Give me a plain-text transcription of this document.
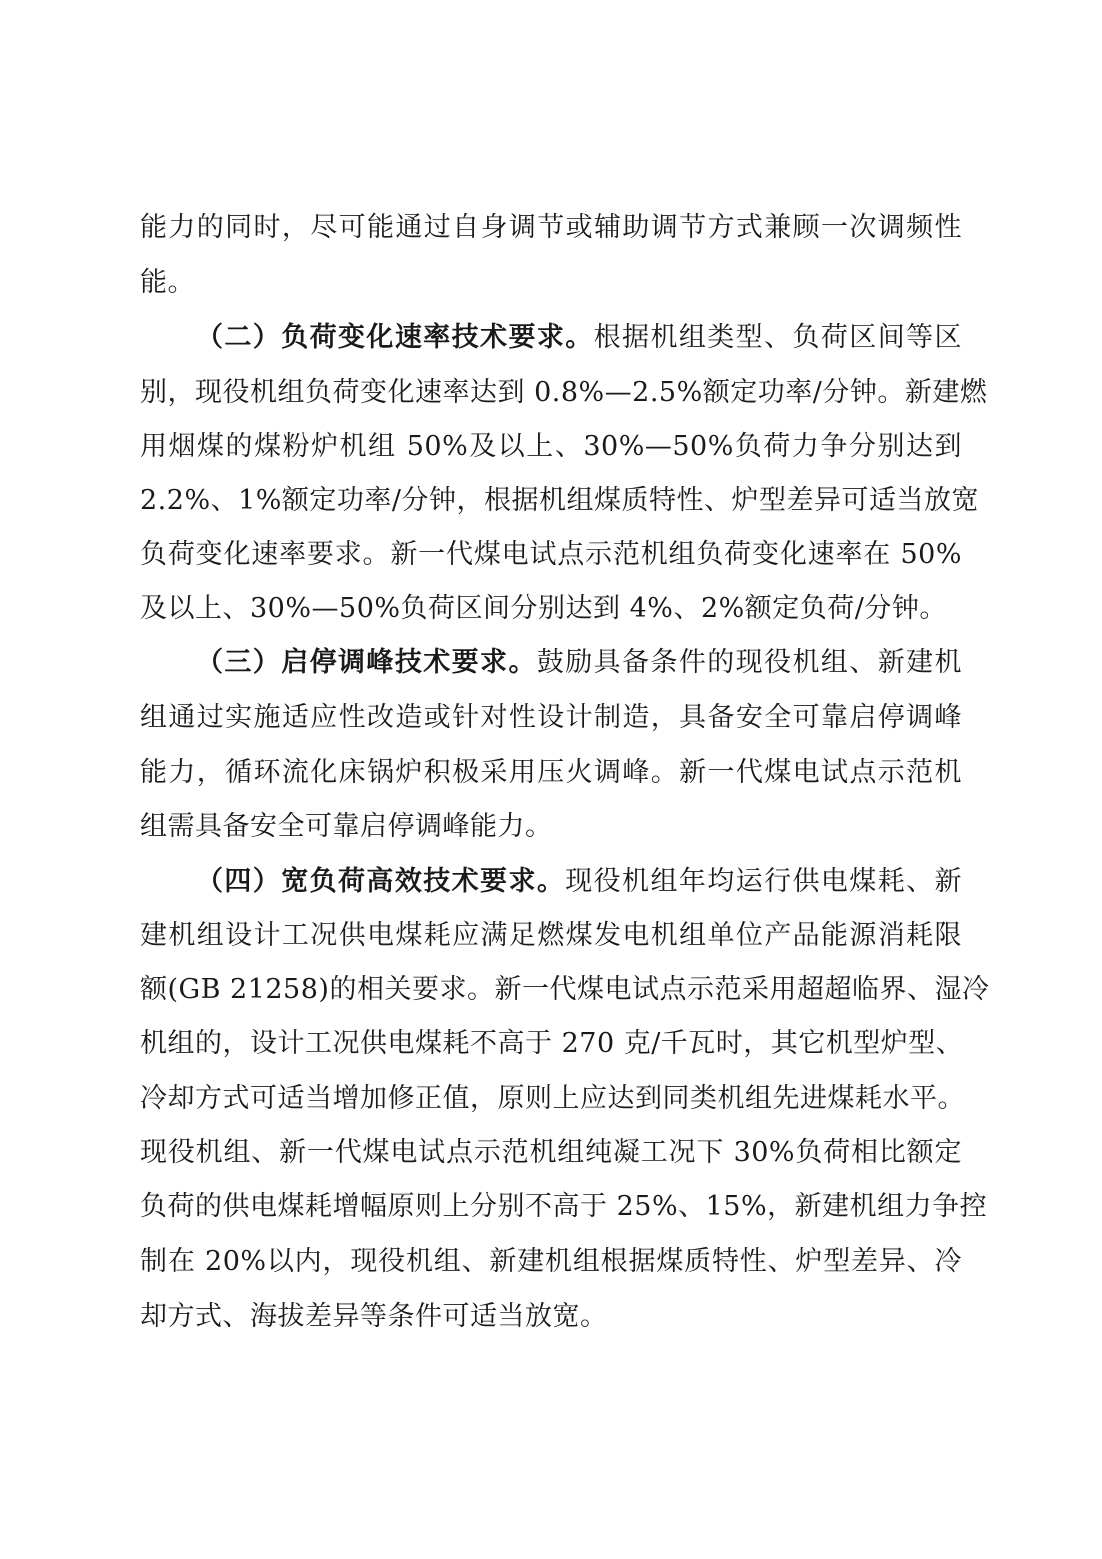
能力的同时，尽可能通过自身调节或辅助调节方式兼顾一次调频性
能。
（二）负荷变化速率技术要求。根据机组类型、负荷区间等区
别，现役机组负荷变化速率达到 0.8%—2.5%额定功率/分钟。新建燃
用烟煤的煤粉炉机组 50%及以上、30%—50%负荷力争分别达到
2.2%、1%额定功率/分钟，根据机组煤质特性、炉型差异可适当放宽
负荷变化速率要求。新一代煤电试点示范机组负荷变化速率在 50%
及以上、30%—50%负荷区间分别达到 4%、2%额定负荷/分钟。
（三）启停调峰技术要求。鼓励具备条件的现役机组、新建机
组通过实施适应性改造或针对性设计制造，具备安全可靠启停调峰
能力，循环流化床锅炉积极采用压火调峰。新一代煤电试点示范机
组需具备安全可靠启停调峰能力。
（四）宽负荷高效技术要求。现役机组年均运行供电煤耗、新
建机组设计工况供电煤耗应满足燃煤发电机组单位产品能源消耗限
额(GB 21258)的相关要求。新一代煤电试点示范采用超超临界、湿冷
机组的，设计工况供电煤耗不高于 270 克/千瓦时，其它机型炉型、
冷却方式可适当增加修正值，原则上应达到同类机组先进煤耗水平。
现役机组、新一代煤电试点示范机组纯凝工况下 30%负荷相比额定
负荷的供电煤耗增幅原则上分别不高于 25%、15%，新建机组力争控
制在 20%以内，现役机组、新建机组根据煤质特性、炉型差异、冷
却方式、海拔差异等条件可适当放宽。
